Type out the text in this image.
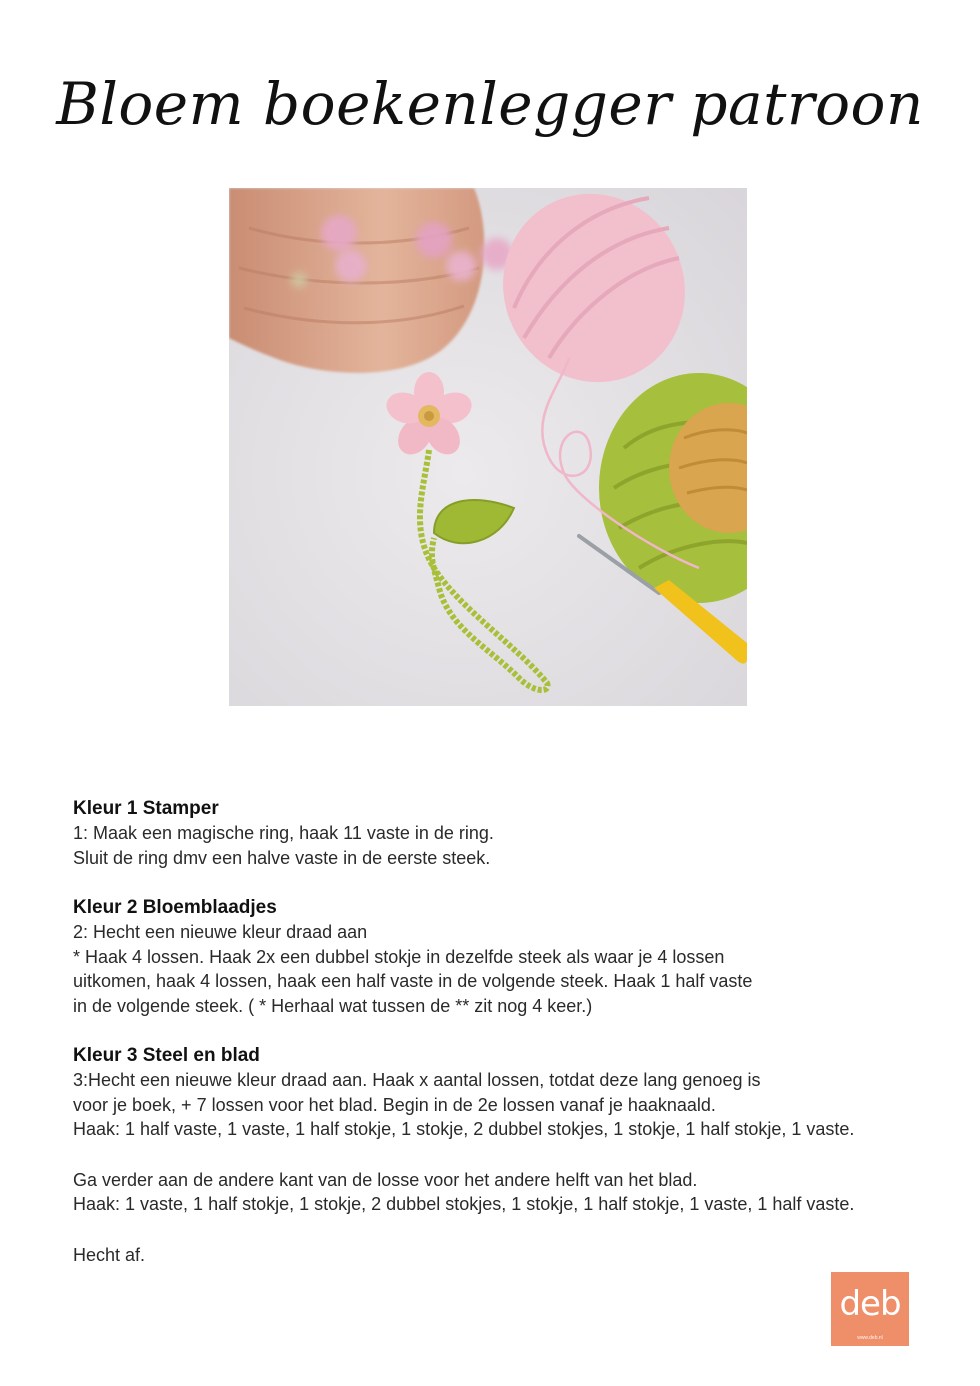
Bloem boekenlegger patroon
Kleur 1 Stamper

1: Maak een magische ring, haak 11 vaste in de ring.

Sluit de ring dmv een halve vaste in de eerste steek.

Kleur 2 Bloemblaadjes

2: Hecht een nieuwe kleur draad aan

* Haak 4 lossen. Haak 2x een dubbel stokje in dezelfde steek als waar je 4 lossen

uitkomen, haak 4 lossen, haak een half vaste in de volgende steek. Haak 1 half vaste

in de volgende steek. ( * Herhaal wat tussen de ** zit nog 4 keer.)

Kleur 3 Steel en blad

3:Hecht een nieuwe kleur draad aan. Haak x aantal lossen, totdat deze lang genoeg is

voor je boek, + 7 lossen voor het blad. Begin in de 2e lossen vanaf je haaknaald.

Haak: 1 half vaste, 1 vaste, 1 half stokje, 1 stokje, 2 dubbel stokjes, 1 stokje, 1 half stokje, 1 vaste.

Ga verder aan de andere kant van de losse voor het andere helft van het blad.

Haak: 1 vaste, 1 half stokje, 1 stokje, 2 dubbel stokjes, 1 stokje, 1 half stokje, 1 vaste, 1 half vaste.

Hecht af.

deb
www.deb.nl
